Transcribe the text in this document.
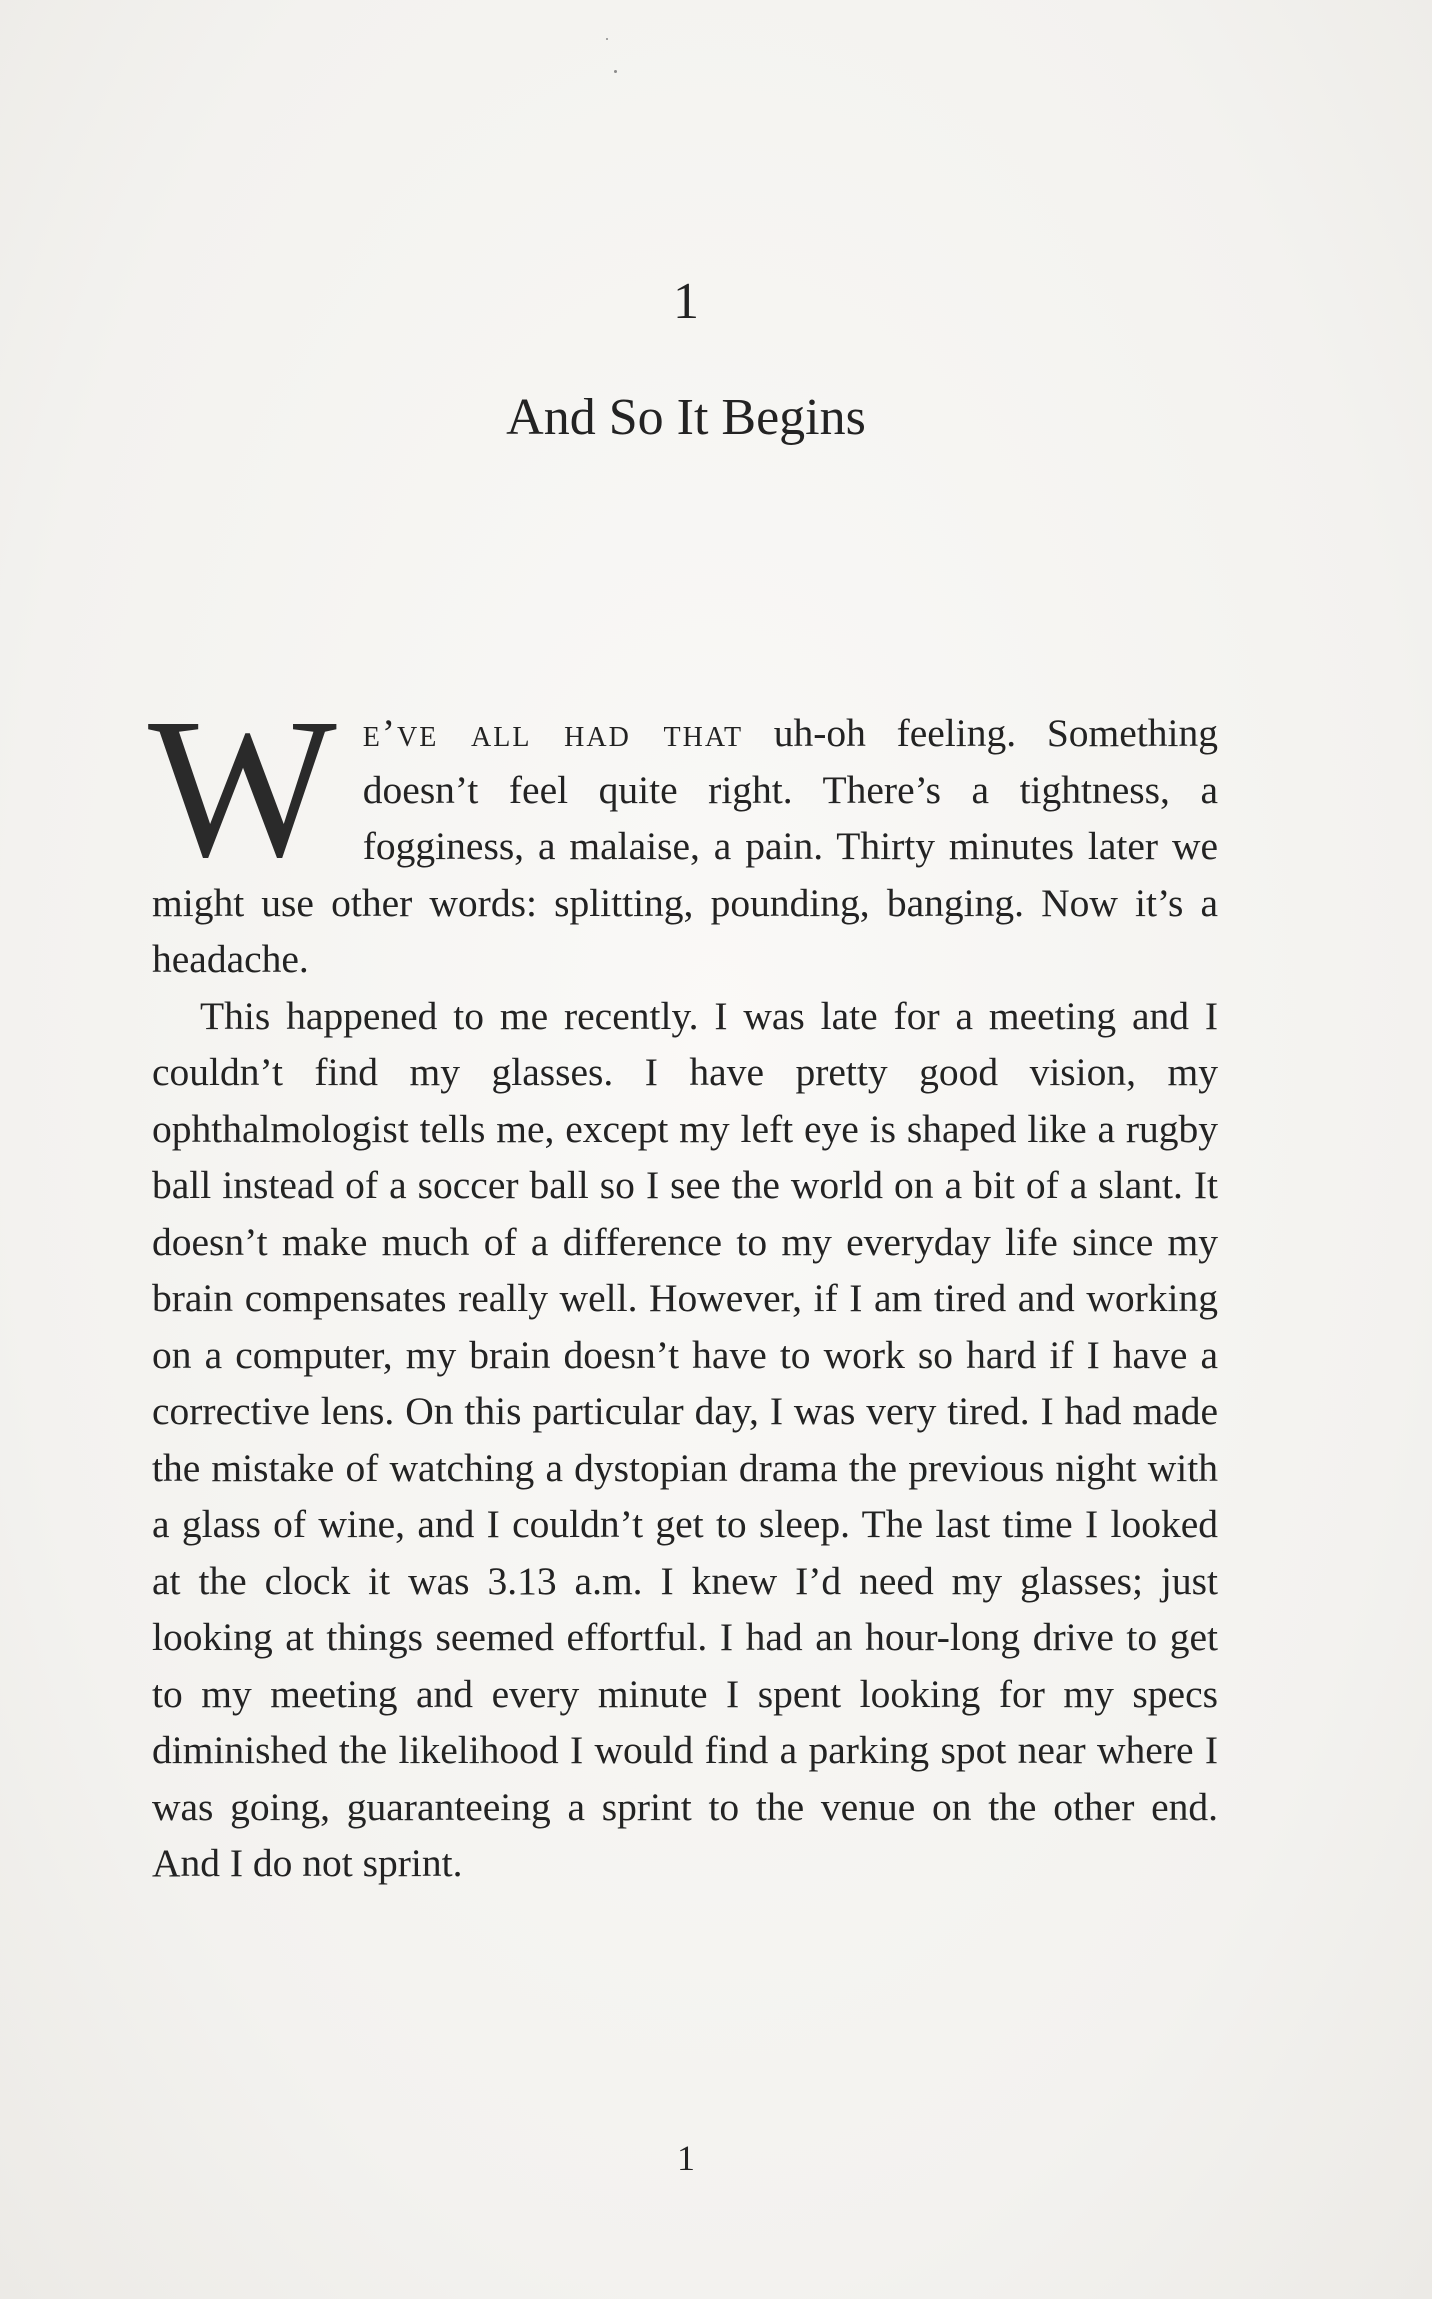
1
And So It Begins

We’ve all had that uh-oh feeling. Something doesn’t feel quite right. There’s a tightness, a fogginess, a malaise, a pain. Thirty minutes later we might use other words: splitting, pounding, banging. Now it’s a headache.

This happened to me recently. I was late for a meeting and I couldn’t find my glasses. I have pretty good vision, my ophthalmologist tells me, except my left eye is shaped like a rugby ball instead of a soccer ball so I see the world on a bit of a slant. It doesn’t make much of a difference to my everyday life since my brain compensates really well. However, if I am tired and working on a computer, my brain doesn’t have to work so hard if I have a corrective lens. On this particular day, I was very tired. I had made the mistake of watching a dystopian drama the previous night with a glass of wine, and I couldn’t get to sleep. The last time I looked at the clock it was 3.13 a.m. I knew I’d need my glasses; just looking at things seemed effortful. I had an hour-long drive to get to my meeting and every minute I spent looking for my specs diminished the likelihood I would find a parking spot near where I was going, guaranteeing a sprint to the venue on the other end. And I do not sprint.

1
